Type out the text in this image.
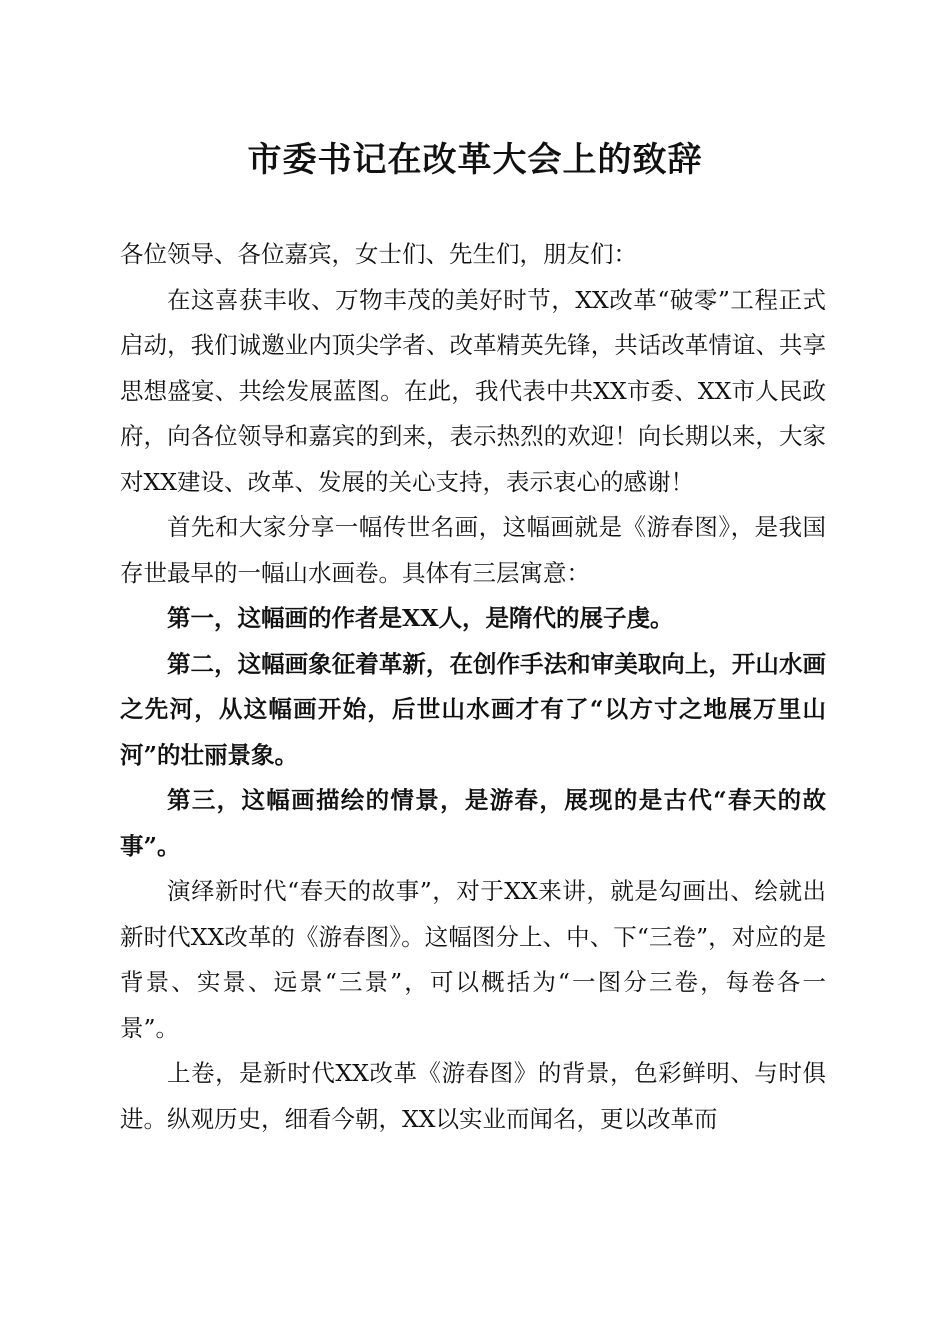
市委书记在改革大会上的致辞

各位领导、各位嘉宾，女士们、先生们，朋友们：

在这喜获丰收、万物丰茂的美好时节，XX改革“破零”工程正式启动，我们诚邀业内顶尖学者、改革精英先锋，共话改革情谊、共享思想盛宴、共绘发展蓝图。在此，我代表中共XX市委、XX市人民政府，向各位领导和嘉宾的到来，表示热烈的欢迎！向长期以来，大家对XX建设、改革、发展的关心支持，表示衷心的感谢！

首先和大家分享一幅传世名画，这幅画就是《游春图》，是我国存世最早的一幅山水画卷。具体有三层寓意：

第一，这幅画的作者是XX人，是隋代的展子虔。

第二，这幅画象征着革新，在创作手法和审美取向上，开山水画之先河，从这幅画开始，后世山水画才有了“以方寸之地展万里山河”的壮丽景象。

第三，这幅画描绘的情景，是游春，展现的是古代“春天的故事”。

演绎新时代“春天的故事”，对于XX来讲，就是勾画出、绘就出新时代XX改革的《游春图》。这幅图分上、中、下“三卷”，对应的是背景、实景、远景“三景”，可以概括为“一图分三卷，每卷各一景”。

上卷，是新时代XX改革《游春图》的背景，色彩鲜明、与时俱进。纵观历史，细看今朝，XX以实业而闻名，更以改革而
